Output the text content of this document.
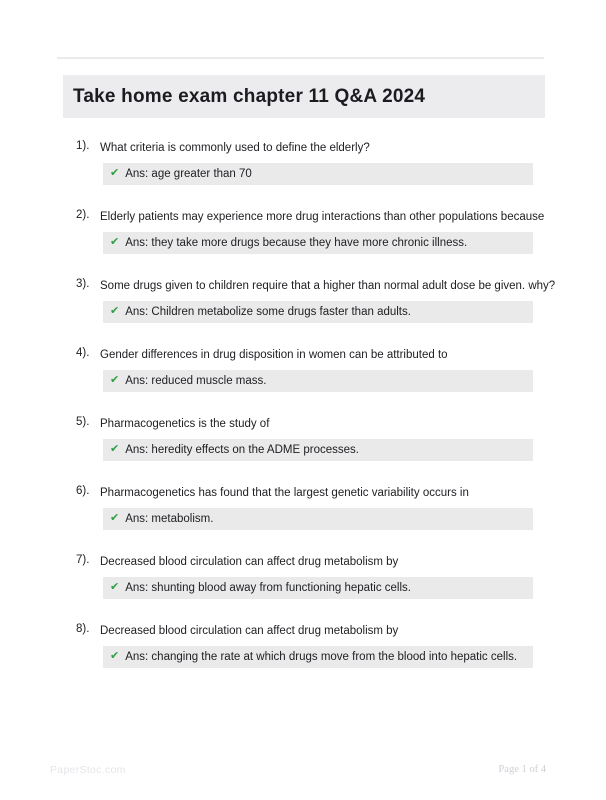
Take home exam chapter 11 Q&A 2024
1). What criteria is commonly used to define the elderly?
✔ Ans: age greater than 70
2). Elderly patients may experience more drug interactions than other populations because
✔ Ans: they take more drugs because they have more chronic illness.
3). Some drugs given to children require that a higher than normal adult dose be given. why?
✔ Ans: Children metabolize some drugs faster than adults.
4). Gender differences in drug disposition in women can be attributed to
✔ Ans: reduced muscle mass.
5). Pharmacogenetics is the study of
✔ Ans: heredity effects on the ADME processes.
6). Pharmacogenetics has found that the largest genetic variability occurs in
✔ Ans: metabolism.
7). Decreased blood circulation can affect drug metabolism by
✔ Ans: shunting blood away from functioning hepatic cells.
8). Decreased blood circulation can affect drug metabolism by
✔ Ans: changing the rate at which drugs move from the blood into hepatic cells.
PaperStoc.com	Page 1 of 4
